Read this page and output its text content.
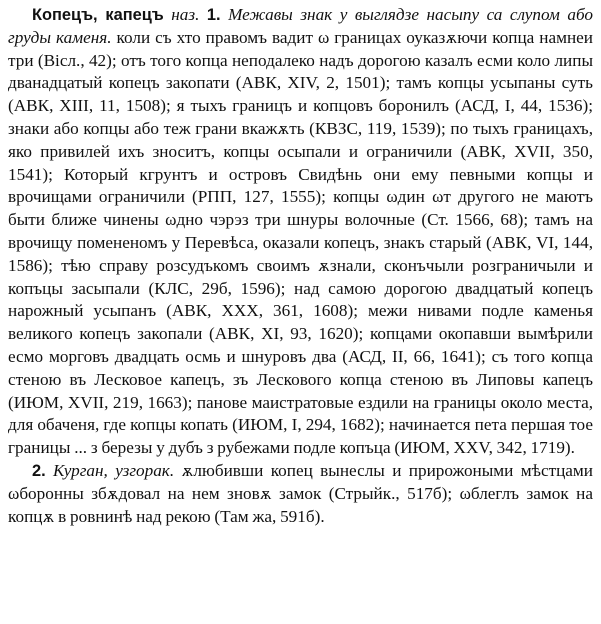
Копецъ, капецъ наз. 1. Межавы знак у выглядзе насыпу са слупом або груды каменя. коли съ хто правомъ вадит ω границах оуказѫючи копца намнеи три (Вісл., 42); отъ того копца неподалеко надъ дорогою казалъ есми коло липы дванадцатый копецъ закопати (АВК, XIV, 2, 1501); тамъ копцы усыпаны суть (АВК, XIII, 11, 1508); я тыхъ границъ и копцовъ боронилъ (АСД, I, 44, 1536); знаки або копцы або теж грани вкажѫть (КВЗС, 119, 1539); по тыхъ границахъ, яко привилей ихъ зноситъ, копцы осыпали и ограничили (АВК, XVII, 350, 1541); Который кгрунтъ и островъ Свидѣнь они ему певными копцы и врочищами ограничили (РПП, 127, 1555); копцы ωдин ωт другого не маютъ быти ближе чинены ωдно чэрэз три шнуры волочные (Ст. 1566, 68); тамъ на врочищу помененомъ у Перевѣса, оказали копецъ, знакъ старый (АВК, VI, 144, 1586); тѣю справу розсудъкомъ своимъ ѫзнали, сконъчыли розграничыли и копъцы засыпали (КЛС, 29б, 1596); над самою дорогою двадцатый копецъ нарожный усыпанъ (АВК, XXX, 361, 1608); межи нивами подле каменья великого копецъ закопали (АВК, XI, 93, 1620); копцами окопавши вымѣрили есмо морговъ двадцать осмь и шнуровъ два (АСД, II, 66, 1641); съ того копца стеною въ Лесковое капецъ, зъ Лескового копца стеною въ Липовы капецъ (ИЮМ, XVII, 219, 1663); панове маистратовые ездили на границы около места, для обаченя, где копцы копать (ИЮМ, I, 294, 1682); начинается пета першая тое границы ... з березы у дубъ з рубежами подле копъца (ИЮМ, XXV, 342, 1719).

2. Курган, узгорак. ѫлюбивши копец вынеслы и прирожоными мѣстцами ωборонны збѫдовал на нем зновѫ замок (Стрыйк., 517б); ωблеглъ замок на копцѫ в ровнинѣ над рекою (Там жа, 591б).
